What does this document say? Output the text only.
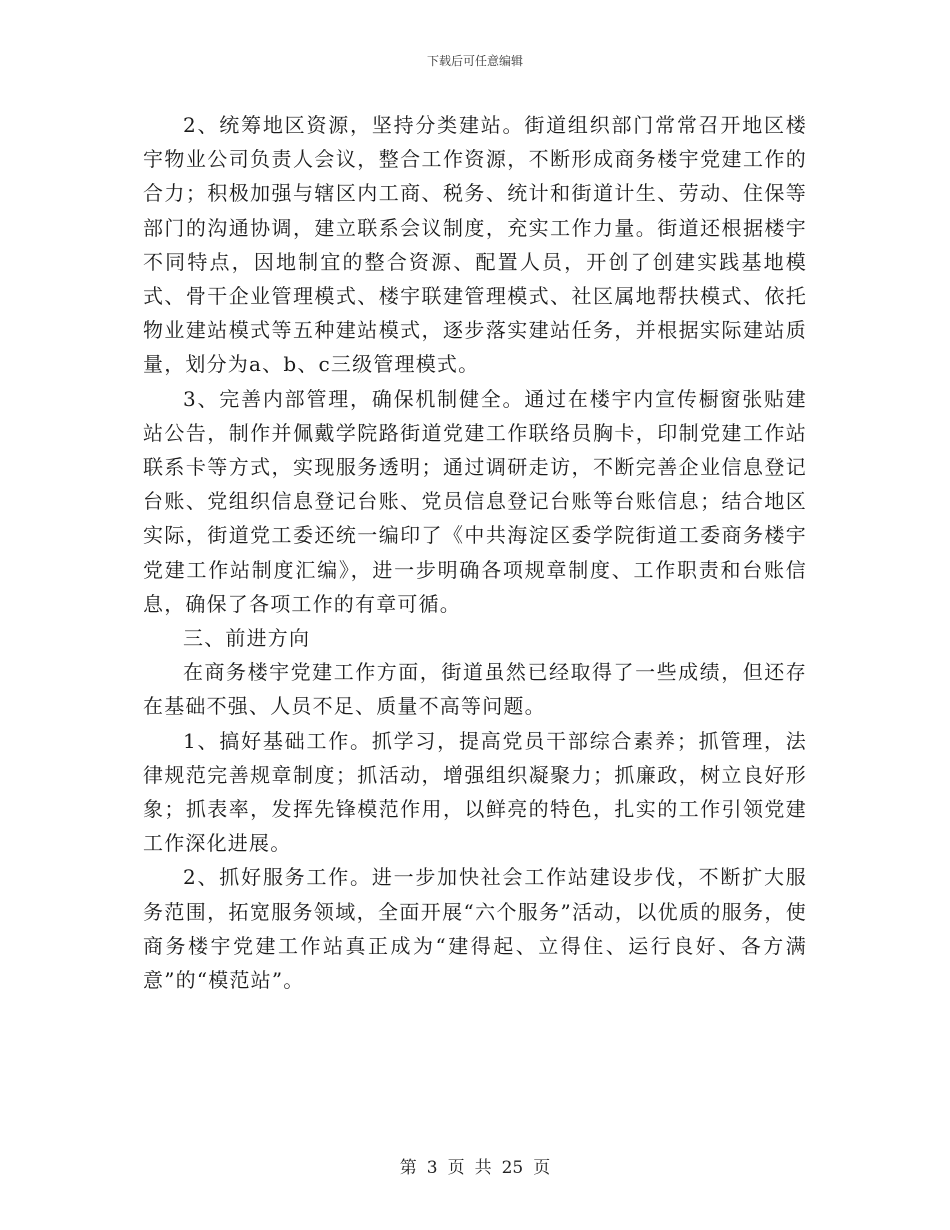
下载后可任意编辑

2、统筹地区资源，坚持分类建站。街道组织部门常常召开地区楼宇物业公司负责人会议，整合工作资源，不断形成商务楼宇党建工作的合力；积极加强与辖区内工商、税务、统计和街道计生、劳动、住保等部门的沟通协调，建立联系会议制度，充实工作力量。街道还根据楼宇不同特点，因地制宜的整合资源、配置人员，开创了创建实践基地模式、骨干企业管理模式、楼宇联建管理模式、社区属地帮扶模式、依托物业建站模式等五种建站模式，逐步落实建站任务，并根据实际建站质量，划分为a、b、c三级管理模式。

3、完善内部管理，确保机制健全。通过在楼宇内宣传橱窗张贴建站公告，制作并佩戴学院路街道党建工作联络员胸卡，印制党建工作站联系卡等方式，实现服务透明；通过调研走访，不断完善企业信息登记台账、党组织信息登记台账、党员信息登记台账等台账信息；结合地区实际，街道党工委还统一编印了《中共海淀区委学院街道工委商务楼宇党建工作站制度汇编》，进一步明确各项规章制度、工作职责和台账信息，确保了各项工作的有章可循。

三、前进方向

在商务楼宇党建工作方面，街道虽然已经取得了一些成绩，但还存在基础不强、人员不足、质量不高等问题。

1、搞好基础工作。抓学习，提高党员干部综合素养；抓管理，法律规范完善规章制度；抓活动，增强组织凝聚力；抓廉政，树立良好形象；抓表率，发挥先锋模范作用，以鲜亮的特色，扎实的工作引领党建工作深化进展。

2、抓好服务工作。进一步加快社会工作站建设步伐，不断扩大服务范围，拓宽服务领域，全面开展“六个服务”活动，以优质的服务，使商务楼宇党建工作站真正成为“建得起、立得住、运行良好、各方满意”的“模范站”。

第 3 页 共 25 页
